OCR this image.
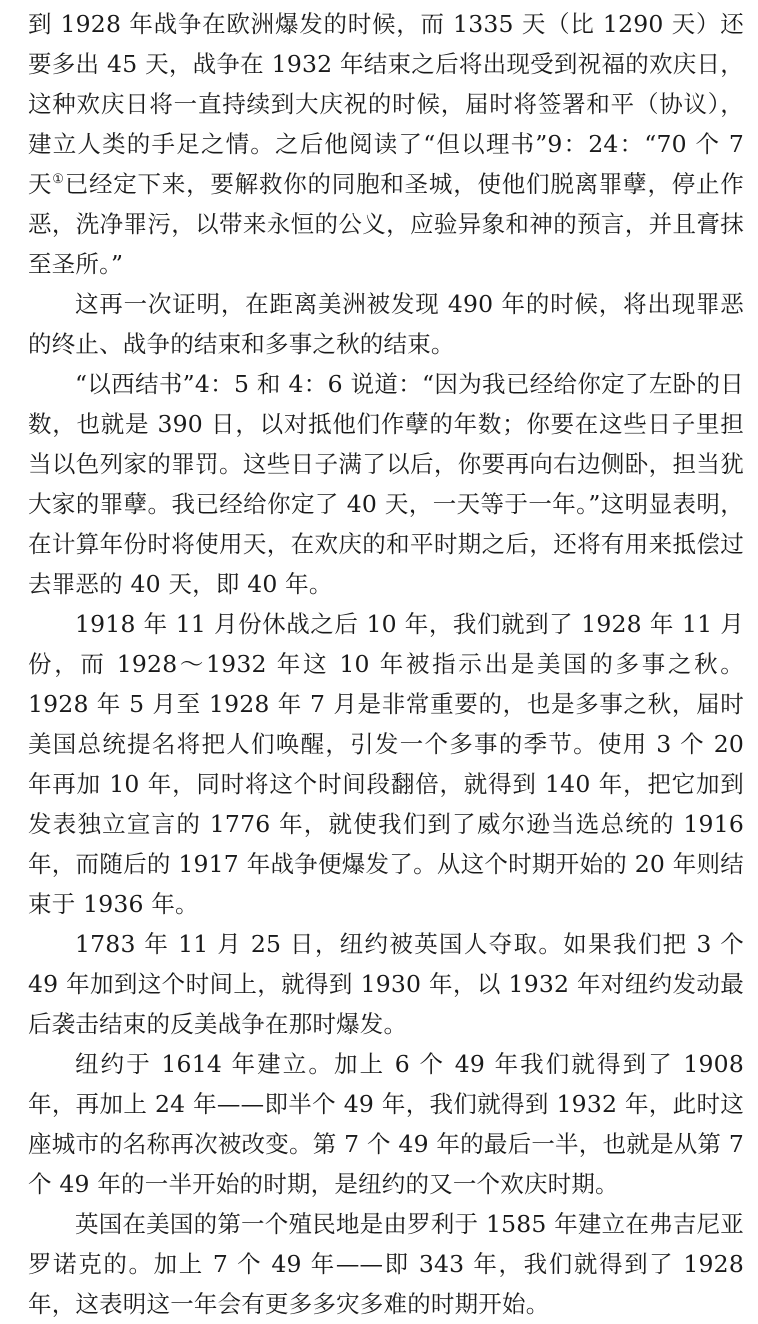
到 1928 年战争在欧洲爆发的时候，而 1335 天（比 1290 天）还要多出 45 天，战争在 1932 年结束之后将出现受到祝福的欢庆日，这种欢庆日将一直持续到大庆祝的时候，届时将签署和平（协议），建立人类的手足之情。之后他阅读了“但以理书”9：24：“70 个 7 天①已经定下来，要解救你的同胞和圣城，使他们脱离罪孽，停止作恶，洗净罪污，以带来永恒的公义，应验异象和神的预言，并且膏抹至圣所。”

这再一次证明，在距离美洲被发现 490 年的时候，将出现罪恶的终止、战争的结束和多事之秋的结束。

“以西结书”4：5 和 4：6 说道：“因为我已经给你定了左卧的日数，也就是 390 日，以对抵他们作孽的年数；你要在这些日子里担当以色列家的罪罚。这些日子满了以后，你要再向右边侧卧，担当犹大家的罪孽。我已经给你定了 40 天，一天等于一年。”这明显表明，在计算年份时将使用天，在欢庆的和平时期之后，还将有用来抵偿过去罪恶的 40 天，即 40 年。

1918 年 11 月份休战之后 10 年，我们就到了 1928 年 11 月份，而 1928～1932 年这 10 年被指示出是美国的多事之秋。1928 年 5 月至 1928 年 7 月是非常重要的，也是多事之秋，届时美国总统提名将把人们唤醒，引发一个多事的季节。使用 3 个 20 年再加 10 年，同时将这个时间段翻倍，就得到 140 年，把它加到发表独立宣言的 1776 年，就使我们到了威尔逊当选总统的 1916 年，而随后的 1917 年战争便爆发了。从这个时期开始的 20 年则结束于 1936 年。

1783 年 11 月 25 日，纽约被英国人夺取。如果我们把 3 个 49 年加到这个时间上，就得到 1930 年，以 1932 年对纽约发动最后袭击结束的反美战争在那时爆发。

纽约于 1614 年建立。加上 6 个 49 年我们就得到了 1908 年，再加上 24 年——即半个 49 年，我们就得到 1932 年，此时这座城市的名称再次被改变。第 7 个 49 年的最后一半，也就是从第 7 个 49 年的一半开始的时期，是纽约的又一个欢庆时期。

英国在美国的第一个殖民地是由罗利于 1585 年建立在弗吉尼亚罗诺克的。加上 7 个 49 年——即 343 年，我们就得到了 1928 年，这表明这一年会有更多多灾多难的时期开始。
